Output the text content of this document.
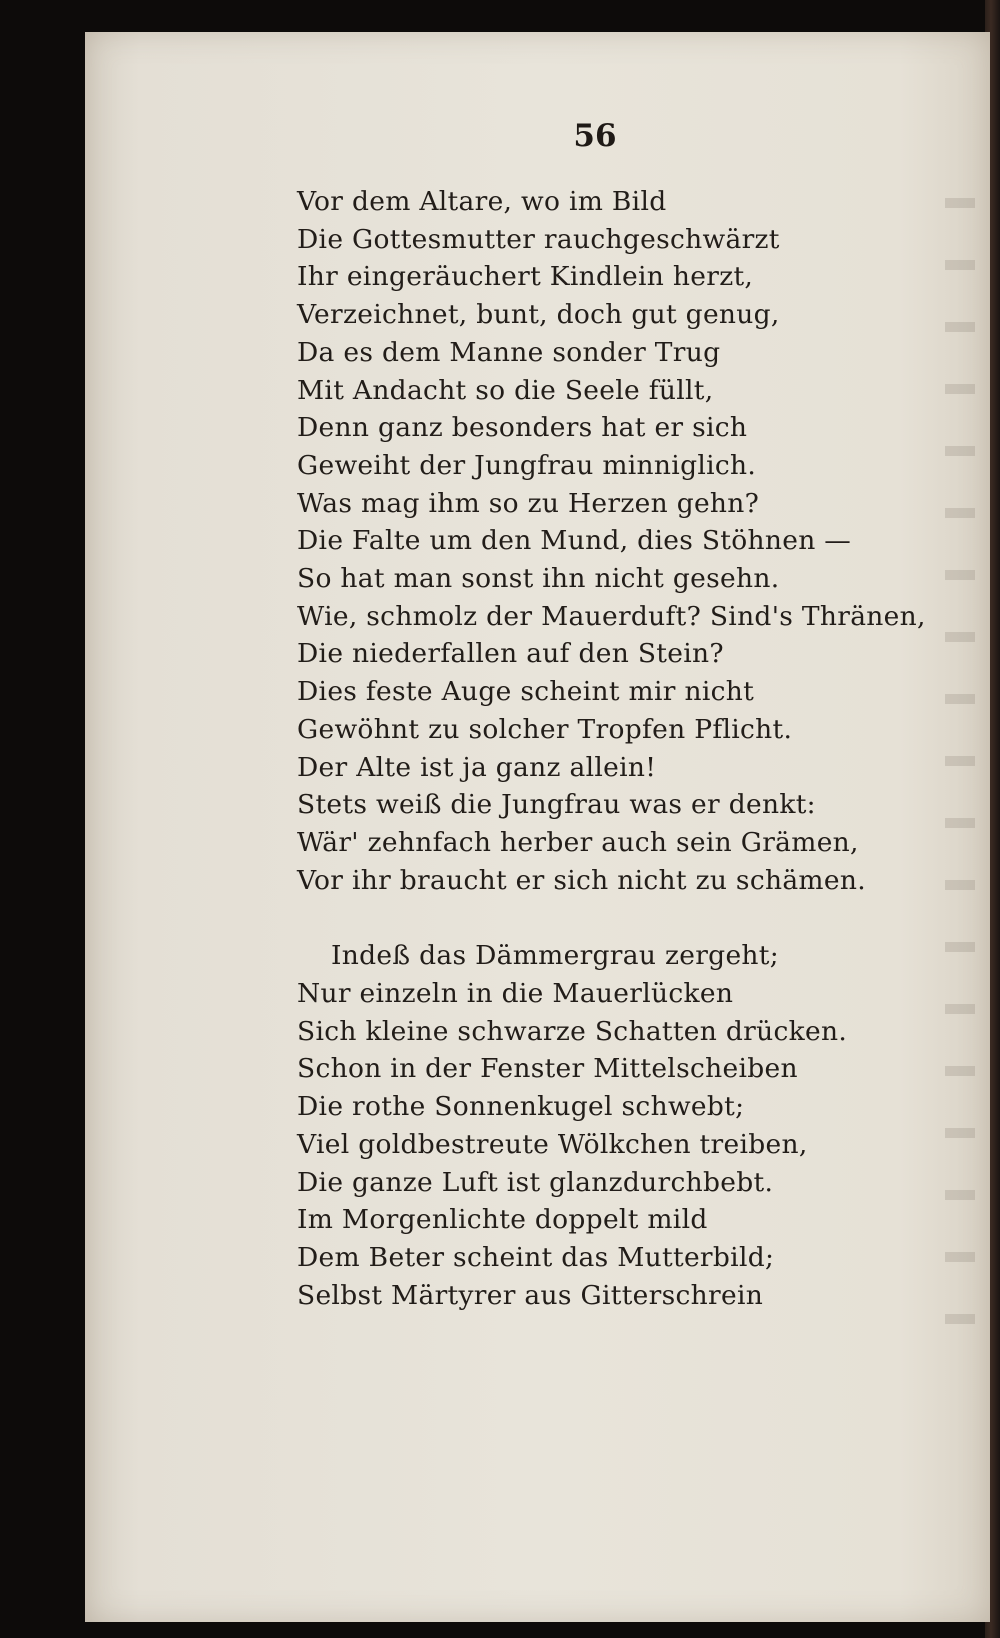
56
Vor dem Altare, wo im Bild
Die Gottesmutter rauchgeschwärzt
Ihr eingeräuchert Kindlein herzt,
Verzeichnet, bunt, doch gut genug,
Da es dem Manne sonder Trug
Mit Andacht so die Seele füllt,
Denn ganz besonders hat er sich
Geweiht der Jungfrau minniglich.
Was mag ihm so zu Herzen gehn?
Die Falte um den Mund, dies Stöhnen —
So hat man sonst ihn nicht gesehn.
Wie, schmolz der Mauerduft? Sind's Thränen,
Die niederfallen auf den Stein?
Dies feste Auge scheint mir nicht
Gewöhnt zu solcher Tropfen Pflicht.
Der Alte ist ja ganz allein!
Stets weiß die Jungfrau was er denkt:
Wär' zehnfach herber auch sein Grämen,
Vor ihr braucht er sich nicht zu schämen.
Indeß das Dämmergrau zergeht;
Nur einzeln in die Mauerlücken
Sich kleine schwarze Schatten drücken.
Schon in der Fenster Mittelscheiben
Die rothe Sonnenkugel schwebt;
Viel goldbestreute Wölkchen treiben,
Die ganze Luft ist glanzdurchbebt.
Im Morgenlichte doppelt mild
Dem Beter scheint das Mutterbild;
Selbst Märtyrer aus Gitterschrein
